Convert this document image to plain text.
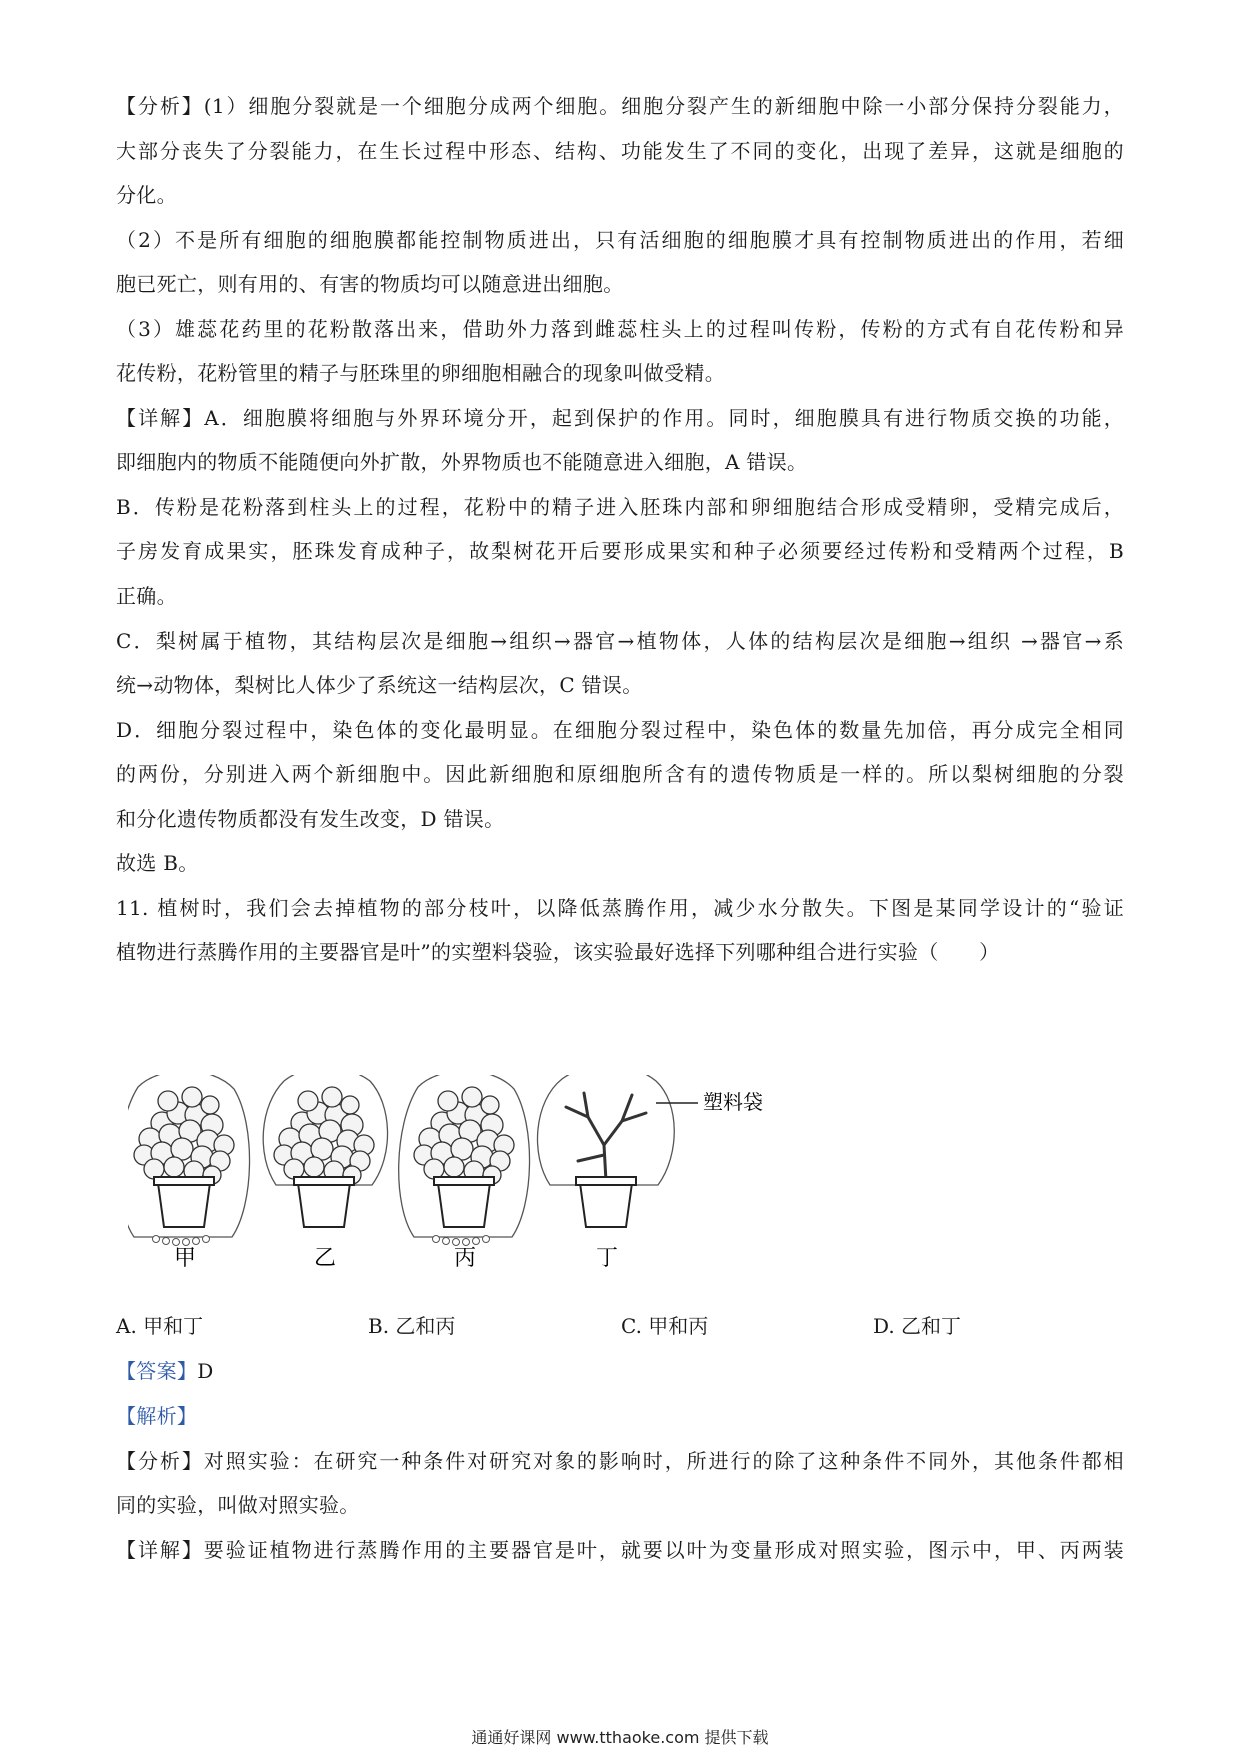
【分析】(1）细胞分裂就是一个细胞分成两个细胞。细胞分裂产生的新细胞中除一小部分保持分裂能力，
大部分丧失了分裂能力，在生长过程中形态、结构、功能发生了不同的变化，出现了差异，这就是细胞的
分化。
（2）不是所有细胞的细胞膜都能控制物质进出，只有活细胞的细胞膜才具有控制物质进出的作用，若细
胞已死亡，则有用的、有害的物质均可以随意进出细胞。
（3）雄蕊花药里的花粉散落出来，借助外力落到雌蕊柱头上的过程叫传粉，传粉的方式有自花传粉和异
花传粉，花粉管里的精子与胚珠里的卵细胞相融合的现象叫做受精。
【详解】A．细胞膜将细胞与外界环境分开，起到保护的作用。同时，细胞膜具有进行物质交换的功能，
即细胞内的物质不能随便向外扩散，外界物质也不能随意进入细胞，A 错误。
B．传粉是花粉落到柱头上的过程，花粉中的精子进入胚珠内部和卵细胞结合形成受精卵，受精完成后，
子房发育成果实，胚珠发育成种子，故梨树花开后要形成果实和种子必须要经过传粉和受精两个过程，B
正确。
C．梨树属于植物，其结构层次是细胞→组织→器官→植物体，人体的结构层次是细胞→组织 →器官→系
统→动物体，梨树比人体少了系统这一结构层次，C 错误。
D．细胞分裂过程中，染色体的变化最明显。在细胞分裂过程中，染色体的数量先加倍，再分成完全相同
的两份，分别进入两个新细胞中。因此新细胞和原细胞所含有的遗传物质是一样的。所以梨树细胞的分裂
和分化遗传物质都没有发生改变，D 错误。
故选 B。
11. 植树时，我们会去掉植物的部分枝叶，以降低蒸腾作用，减少水分散失。下图是某同学设计的“验证
植物进行蒸腾作用的主要器官是叶”的实塑料袋验，该实验最好选择下列哪种组合进行实验（　　）
塑料袋
甲	乙	丙	丁
A. 甲和丁	B. 乙和丙	C. 甲和丙	D. 乙和丁
【答案】D
【解析】
【分析】对照实验：在研究一种条件对研究对象的影响时，所进行的除了这种条件不同外，其他条件都相
同的实验，叫做对照实验。
【详解】要验证植物进行蒸腾作用的主要器官是叶，就要以叶为变量形成对照实验，图示中，甲、丙两装
通通好课网 www.tthaoke.com 提供下载
